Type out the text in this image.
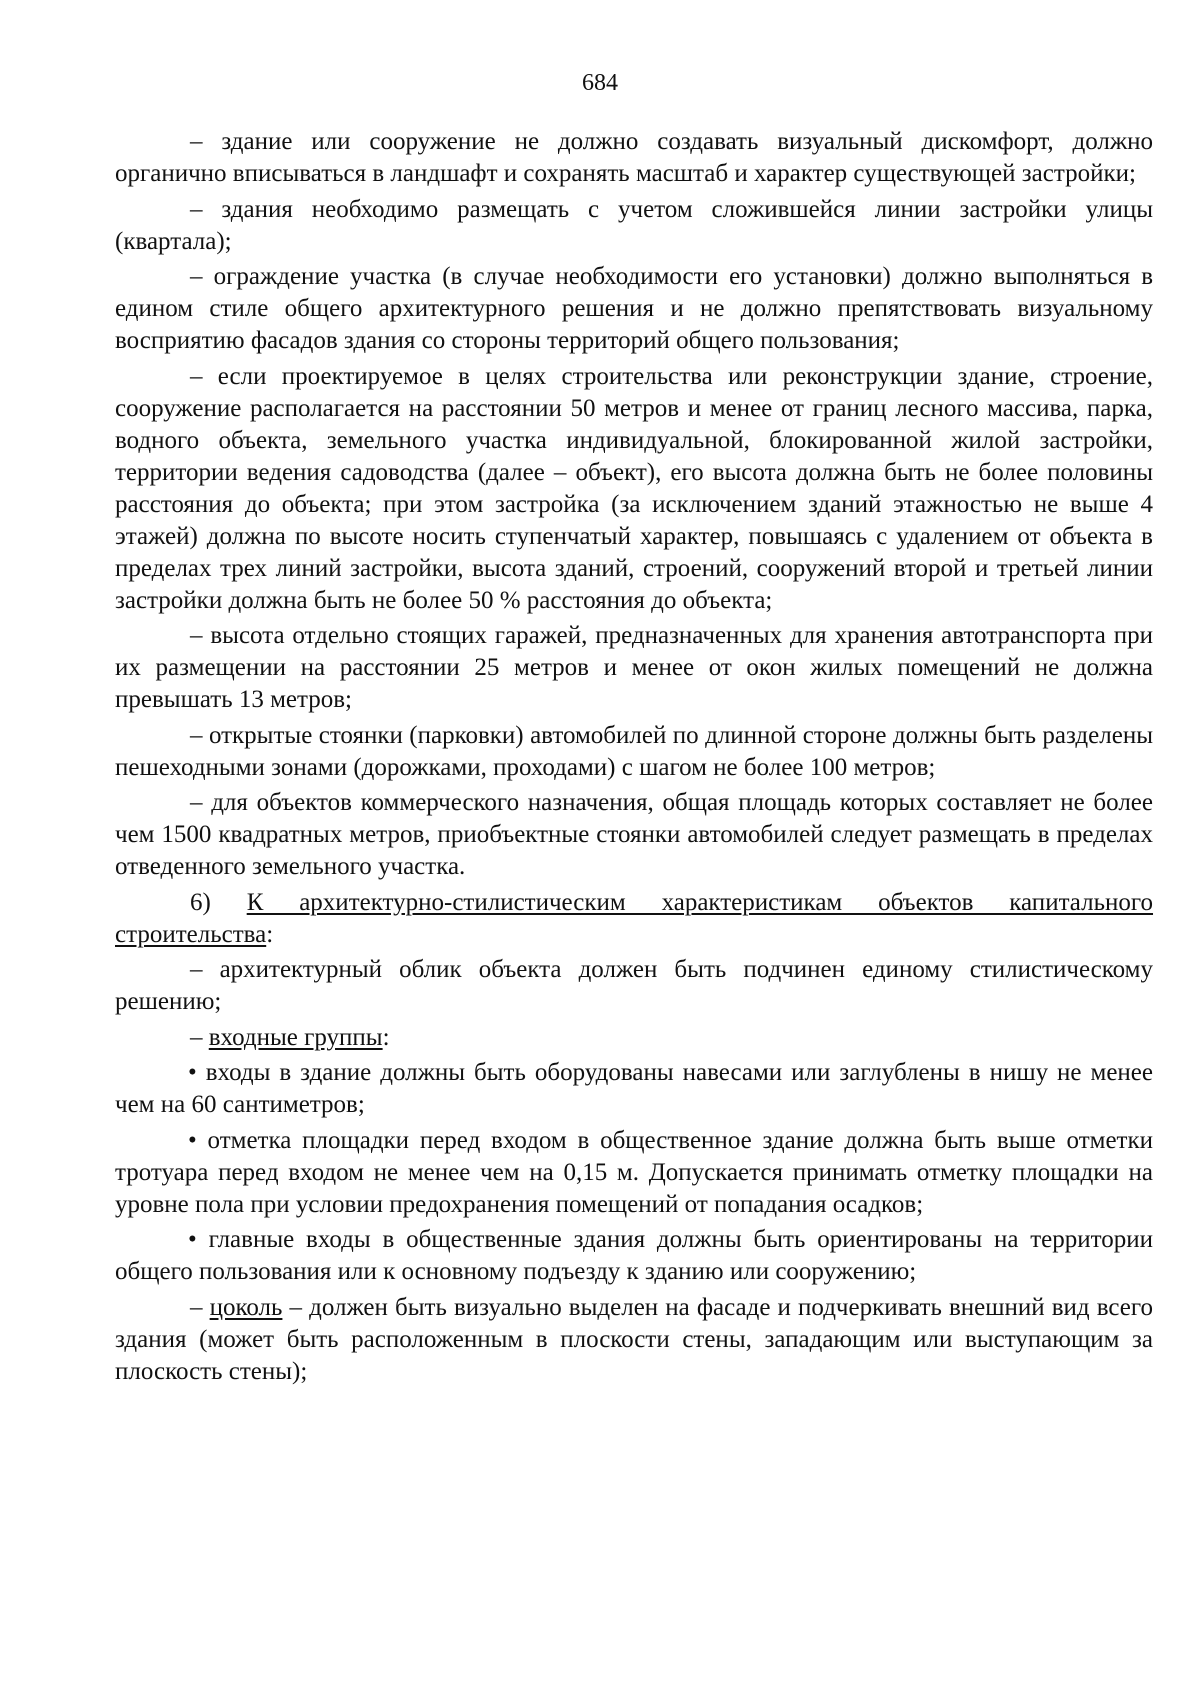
684

– здание или сооружение не должно создавать визуальный дискомфорт, должно органично вписываться в ландшафт и сохранять масштаб и характер существующей застройки;

– здания необходимо размещать с учетом сложившейся линии застройки улицы (квартала);

– ограждение участка (в случае необходимости его установки) должно выполняться в едином стиле общего архитектурного решения и не должно препятствовать визуальному восприятию фасадов здания со стороны территорий общего пользования;

– если проектируемое в целях строительства или реконструкции здание, строение, сооружение располагается на расстоянии 50 метров и менее от границ лесного массива, парка, водного объекта, земельного участка индивидуальной, блокированной жилой застройки, территории ведения садоводства (далее – объект), его высота должна быть не более половины расстояния до объекта; при этом застройка (за исключением зданий этажностью не выше 4 этажей) должна по высоте носить ступенчатый характер, повышаясь с удалением от объекта в пределах трех линий застройки, высота зданий, строений, сооружений второй и третьей линии застройки должна быть не более 50 % расстояния до объекта;

– высота отдельно стоящих гаражей, предназначенных для хранения автотранспорта при их размещении на расстоянии 25 метров и менее от окон жилых помещений не должна превышать 13 метров;

– открытые стоянки (парковки) автомобилей по длинной стороне должны быть разделены пешеходными зонами (дорожками, проходами) с шагом не более 100 метров;

– для объектов коммерческого назначения, общая площадь которых составляет не более чем 1500 квадратных метров, приобъектные стоянки автомобилей следует размещать в пределах отведенного земельного участка.

6) К архитектурно-стилистическим характеристикам объектов капитального строительства:

– архитектурный облик объекта должен быть подчинен единому стилистическому решению;

– входные группы:

• входы в здание должны быть оборудованы навесами или заглублены в нишу не менее чем на 60 сантиметров;

• отметка площадки перед входом в общественное здание должна быть выше отметки тротуара перед входом не менее чем на 0,15 м. Допускается принимать отметку площадки на уровне пола при условии предохранения помещений от попадания осадков;

• главные входы в общественные здания должны быть ориентированы на территории общего пользования или к основному подъезду к зданию или сооружению;

– цоколь – должен быть визуально выделен на фасаде и подчеркивать внешний вид всего здания (может быть расположенным в плоскости стены, западающим или выступающим за плоскость стены);
